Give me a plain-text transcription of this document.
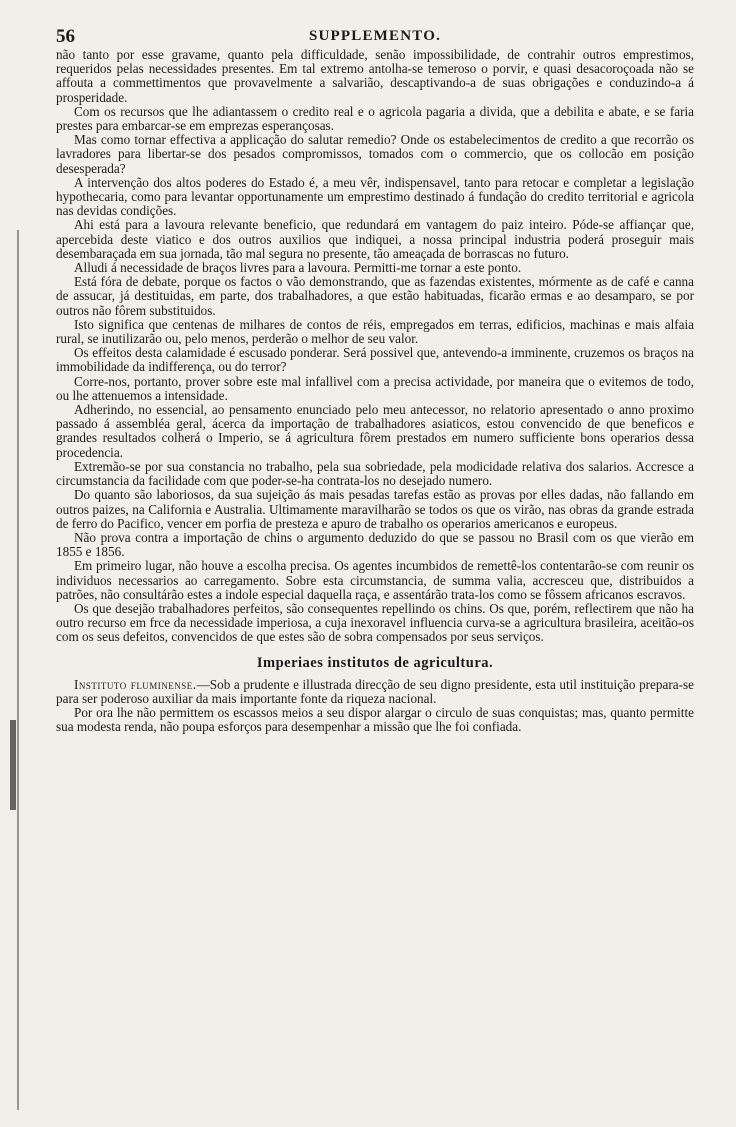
56	SUPPLEMENTO.

não tanto por esse gravame, quanto pela difficuldade, senão impossibilidade, de contrahir outros emprestimos, requeridos pelas necessidades presentes. Em tal extremo antolha-se temeroso o porvir, e quasi desacoroçoada não se affouta a commettimentos que provavelmente a salvarião, descaptivando-a de suas obrigações e conduzindo-a á prosperidade.

Com os recursos que lhe adiantassem o credito real e o agricola pagaria a divida, que a debilita e abate, e se faria prestes para embarcar-se em emprezas esperançosas.

Mas como tornar effectiva a applicação do salutar remedio? Onde os estabelecimentos de credito a que recorrão os lavradores para libertar-se dos pesados compromissos, tomados com o commercio, que os collocão em posição desesperada?

A intervenção dos altos poderes do Estado é, a meu vêr, indispensavel, tanto para retocar e completar a legislação hypothecaria, como para levantar opportunamente um emprestimo destinado á fundação do credito territorial e agricola nas devidas condições.

Ahi está para a lavoura relevante beneficio, que redundará em vantagem do paiz inteiro. Póde-se affiançar que, apercebida deste viatico e dos outros auxilios que indiquei, a nossa principal industria poderá proseguir mais desembaraçada em sua jornada, tão mal segura no presente, tão ameaçada de borrascas no futuro.

Alludi á necessidade de braços livres para a lavoura. Permitti-me tornar a este ponto.

Está fóra de debate, porque os factos o vão demonstrando, que as fazendas existentes, mórmente as de café e canna de assucar, já destituidas, em parte, dos trabalhadores, a que estão habituadas, ficarão ermas e ao desamparo, se por outros não fôrem substituidos.

Isto significa que centenas de milhares de contos de réis, empregados em terras, edificios, machinas e mais alfaia rural, se inutilizarão ou, pelo menos, perderão o melhor de seu valor.

Os effeitos desta calamidade é escusado ponderar. Será possivel que, antevendo-a imminente, cruzemos os braços na immobilidade da indifferença, ou do terror?

Corre-nos, portanto, prover sobre este mal infallivel com a precisa actividade, por maneira que o evitemos de todo, ou lhe attenuemos a intensidade.

Adherindo, no essencial, ao pensamento enunciado pelo meu antecessor, no relatorio apresentado o anno proximo passado á assembléa geral, ácerca da importação de trabalhadores asiaticos, estou convencido de que beneficos e grandes resultados colherá o Imperio, se á agricultura fôrem prestados em numero sufficiente bons operarios dessa procedencia.

Extremão-se por sua constancia no trabalho, pela sua sobriedade, pela modicidade relativa dos salarios. Accresce a circumstancia da facilidade com que poder-se-ha contrata-los no desejado numero.

Do quanto são laboriosos, da sua sujeição ás mais pesadas tarefas estão as provas por elles dadas, não fallando em outros paizes, na California e Australia. Ultimamente maravilharão se todos os que os virão, nas obras da grande estrada de ferro do Pacifico, vencer em porfia de presteza e apuro de trabalho os operarios americanos e europeus.

Não prova contra a importação de chins o argumento deduzido do que se passou no Brasil com os que vierão em 1855 e 1856.

Em primeiro lugar, não houve a escolha precisa. Os agentes incumbidos de remettê-los contentarão-se com reunir os individuos necessarios ao carregamento. Sobre esta circumstancia, de summa valia, accresceu que, distribuidos a patrões, não consultárão estes a indole especial daquella raça, e assentárão trata-los como se fôssem africanos escravos.

Os que desejão trabalhadores perfeitos, são consequentes repellindo os chins. Os que, porém, reflectirem que não ha outro recurso em frce da necessidade imperiosa, a cuja inexoravel influencia curva-se a agricultura brasileira, aceitão-os com os seus defeitos, convencidos de que estes são de sobra compensados por seus serviços.

Imperiaes institutos de agricultura.

Instituto fluminense.—Sob a prudente e illustrada direcção de seu digno presidente, esta util instituição prepara-se para ser poderoso auxiliar da mais importante fonte da riqueza nacional.

Por ora lhe não permittem os escassos meios a seu dispor alargar o circulo de suas conquistas; mas, quanto permitte sua modesta renda, não poupa esforços para desempenhar a missão que lhe foi confiada.
